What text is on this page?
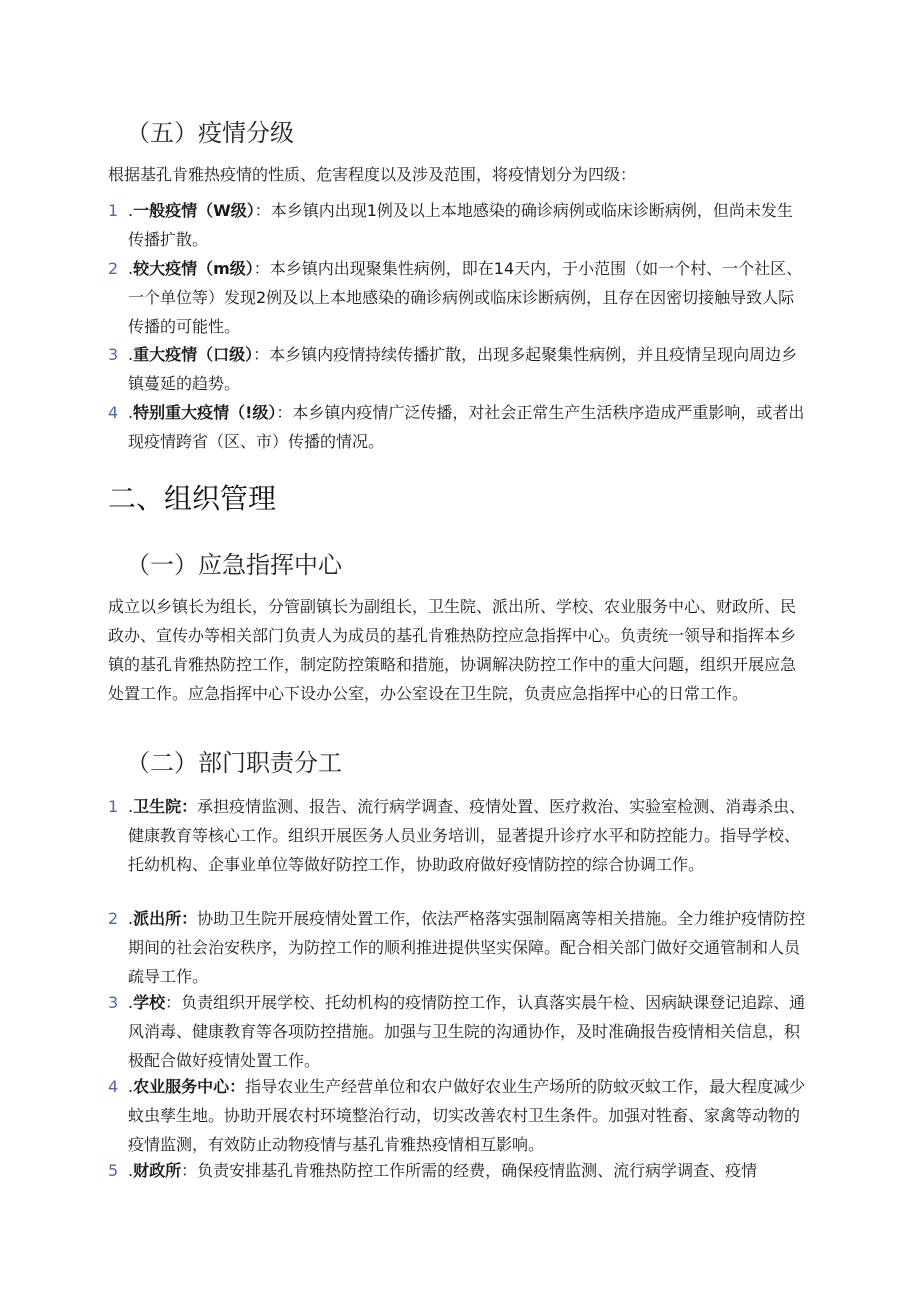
（五）疫情分级

根据基孔肯雅热疫情的性质、危害程度以及涉及范围，将疫情划分为四级：

1 .一般疫情（W级）：本乡镇内出现1例及以上本地感染的确诊病例或临床诊断病例，但尚未发生传播扩散。

2 .较大疫情（m级）：本乡镇内出现聚集性病例，即在14天内，于小范围（如一个村、一个社区、一个单位等）发现2例及以上本地感染的确诊病例或临床诊断病例，且存在因密切接触导致人际传播的可能性。

3 .重大疫情（口级）：本乡镇内疫情持续传播扩散，出现多起聚集性病例，并且疫情呈现向周边乡镇蔓延的趋势。

4 .特别重大疫情（!级）：本乡镇内疫情广泛传播，对社会正常生产生活秩序造成严重影响，或者出现疫情跨省（区、市）传播的情况。

二、组织管理
（一）应急指挥中心

成立以乡镇长为组长，分管副镇长为副组长，卫生院、派出所、学校、农业服务中心、财政所、民政办、宣传办等相关部门负责人为成员的基孔肯雅热防控应急指挥中心。负责统一领导和指挥本乡镇的基孔肯雅热防控工作，制定防控策略和措施，协调解决防控工作中的重大问题，组织开展应急处置工作。应急指挥中心下设办公室，办公室设在卫生院，负责应急指挥中心的日常工作。

（二）部门职责分工
1 .卫生院：承担疫情监测、报告、流行病学调查、疫情处置、医疗救治、实验室检测、消毒杀虫、健康教育等核心工作。组织开展医务人员业务培训，显著提升诊疗水平和防控能力。指导学校、托幼机构、企事业单位等做好防控工作，协助政府做好疫情防控的综合协调工作。

2 .派出所：协助卫生院开展疫情处置工作，依法严格落实强制隔离等相关措施。全力维护疫情防控期间的社会治安秩序，为防控工作的顺利推进提供坚实保障。配合相关部门做好交通管制和人员疏导工作。

3 .学校：负责组织开展学校、托幼机构的疫情防控工作，认真落实晨午检、因病缺课登记追踪、通风消毒、健康教育等各项防控措施。加强与卫生院的沟通协作，及时准确报告疫情相关信息，积极配合做好疫情处置工作。

4 .农业服务中心：指导农业生产经营单位和农户做好农业生产场所的防蚊灭蚊工作，最大程度减少蚊虫孳生地。协助开展农村环境整治行动，切实改善农村卫生条件。加强对牲畜、家禽等动物的疫情监测，有效防止动物疫情与基孔肯雅热疫情相互影响。

5 .财政所：负责安排基孔肯雅热防控工作所需的经费，确保疫情监测、流行病学调查、疫情
